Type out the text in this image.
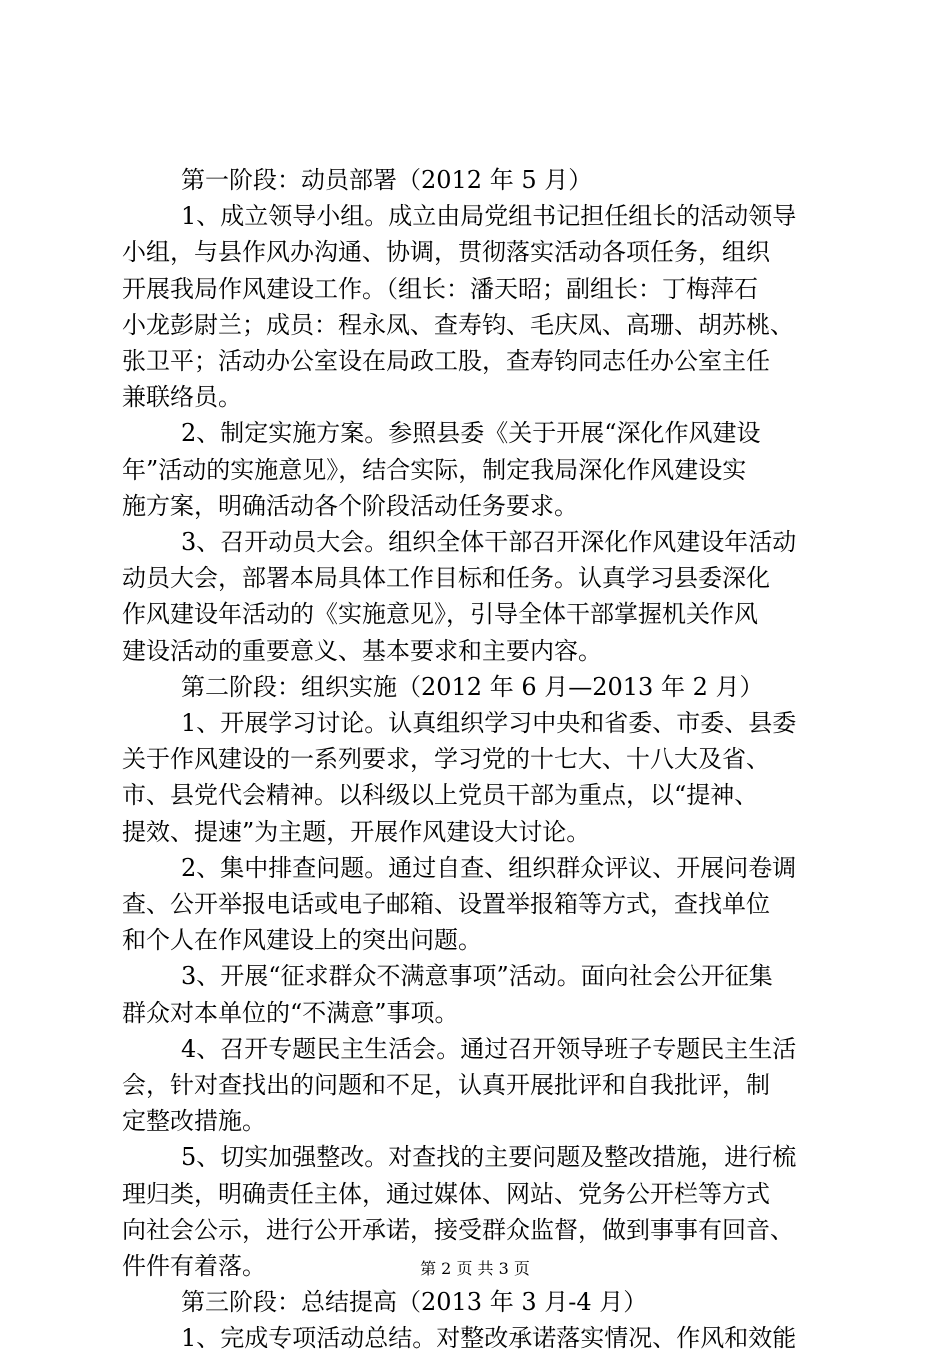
第一阶段：动员部署（2012 年 5 月）
1、成立领导小组。成立由局党组书记担任组长的活动领导
小组，与县作风办沟通、协调，贯彻落实活动各项任务，组织
开展我局作风建设工作。（组长：潘天昭；副组长：丁梅萍石
小龙彭尉兰；成员：程永凤、查寿钧、毛庆凤、高珊、胡苏桃、
张卫平；活动办公室设在局政工股，查寿钧同志任办公室主任
兼联络员。
2、制定实施方案。参照县委《关于开展“深化作风建设
年”活动的实施意见》，结合实际，制定我局深化作风建设实
施方案，明确活动各个阶段活动任务要求。
3、召开动员大会。组织全体干部召开深化作风建设年活动
动员大会，部署本局具体工作目标和任务。认真学习县委深化
作风建设年活动的《实施意见》，引导全体干部掌握机关作风
建设活动的重要意义、基本要求和主要内容。
第二阶段：组织实施（2012 年 6 月—2013 年 2 月）
1、开展学习讨论。认真组织学习中央和省委、市委、县委
关于作风建设的一系列要求，学习党的十七大、十八大及省、
市、县党代会精神。以科级以上党员干部为重点，以“提神、
提效、提速”为主题，开展作风建设大讨论。
2、集中排查问题。通过自查、组织群众评议、开展问卷调
查、公开举报电话或电子邮箱、设置举报箱等方式，查找单位
和个人在作风建设上的突出问题。
3、开展“征求群众不满意事项”活动。面向社会公开征集
群众对本单位的“不满意”事项。
4、召开专题民主生活会。通过召开领导班子专题民主生活
会，针对查找出的问题和不足，认真开展批评和自我批评，制
定整改措施。
5、切实加强整改。对查找的主要问题及整改措施，进行梳
理归类，明确责任主体，通过媒体、网站、党务公开栏等方式
向社会公示，进行公开承诺，接受群众监督，做到事事有回音、
件件有着落。
第三阶段：总结提高（2013 年 3 月-4 月）
1、完成专项活动总结。对整改承诺落实情况、作风和效能
第 2 页 共 3 页
